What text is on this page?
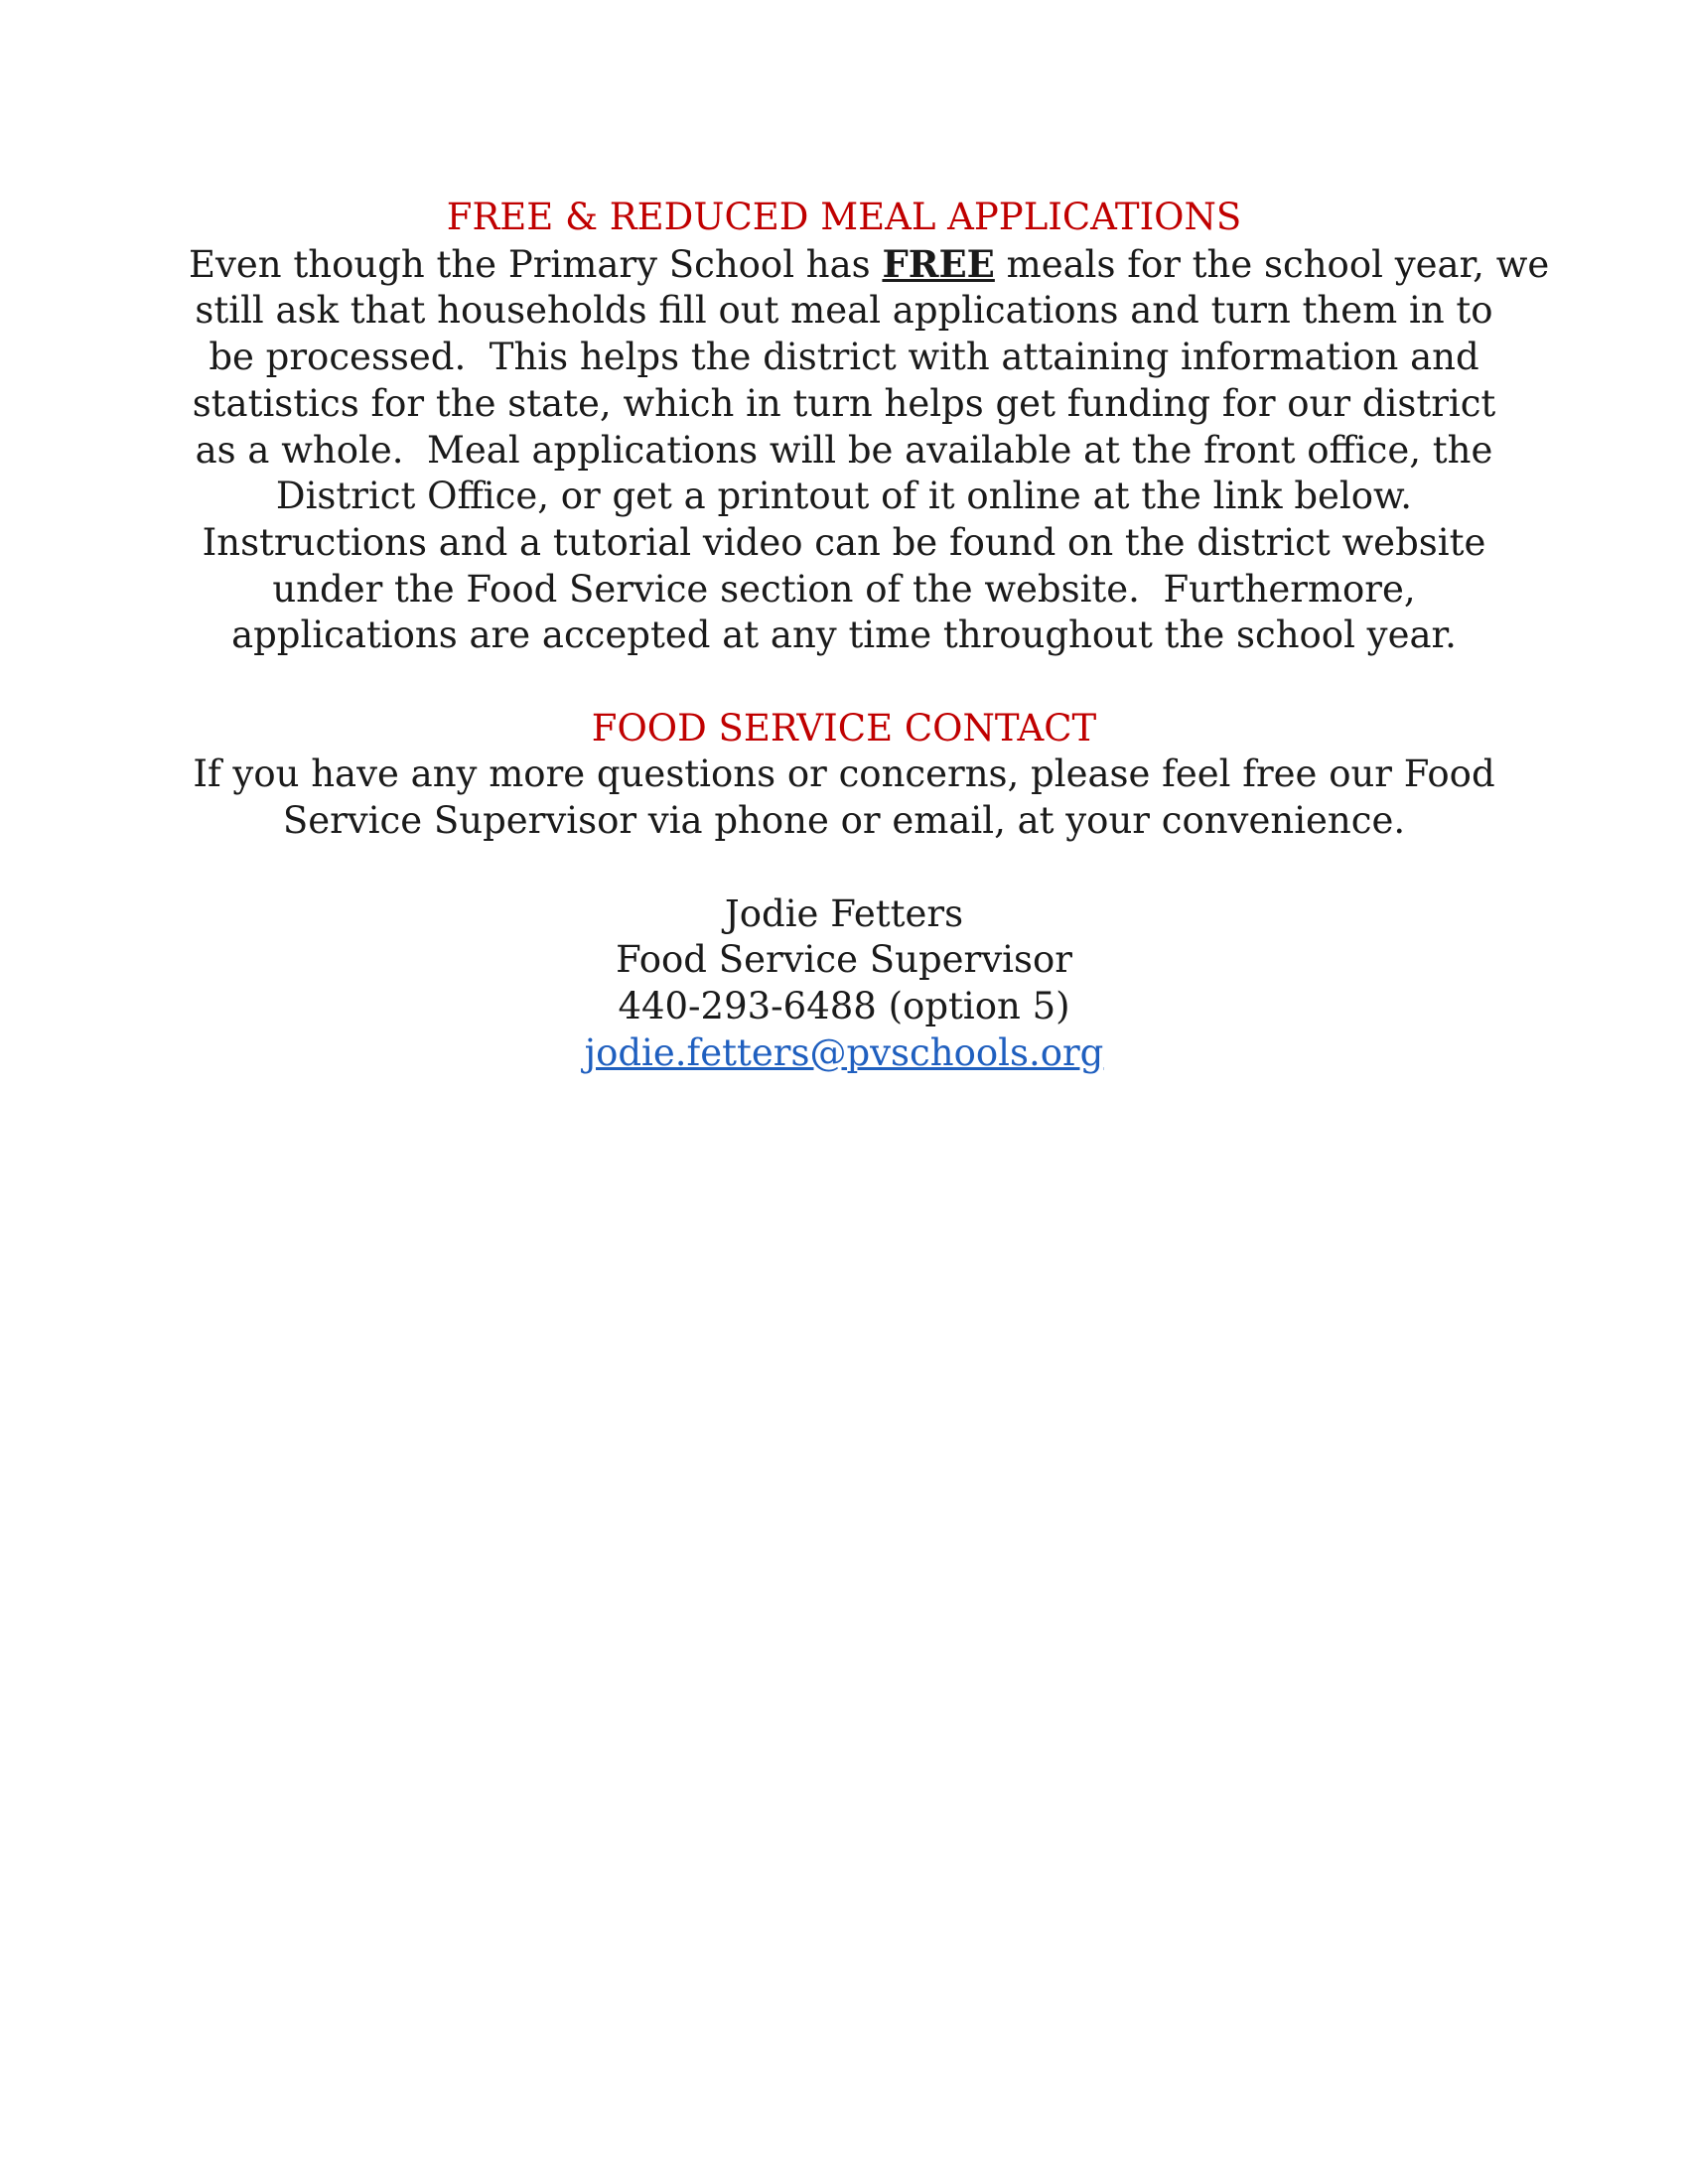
FREE & REDUCED MEAL APPLICATIONS

Even though the Primary School has FREE meals for the school year, we

still ask that households fill out meal applications and turn them in to

be processed.  This helps the district with attaining information and

statistics for the state, which in turn helps get funding for our district

as a whole.  Meal applications will be available at the front office, the

District Office, or get a printout of it online at the link below.

Instructions and a tutorial video can be found on the district website

under the Food Service section of the website.  Furthermore,

applications are accepted at any time throughout the school year.

FOOD SERVICE CONTACT

If you have any more questions or concerns, please feel free our Food

Service Supervisor via phone or email, at your convenience.

Jodie Fetters

Food Service Supervisor

440-293-6488 (option 5)

jodie.fetters@pvschools.org
